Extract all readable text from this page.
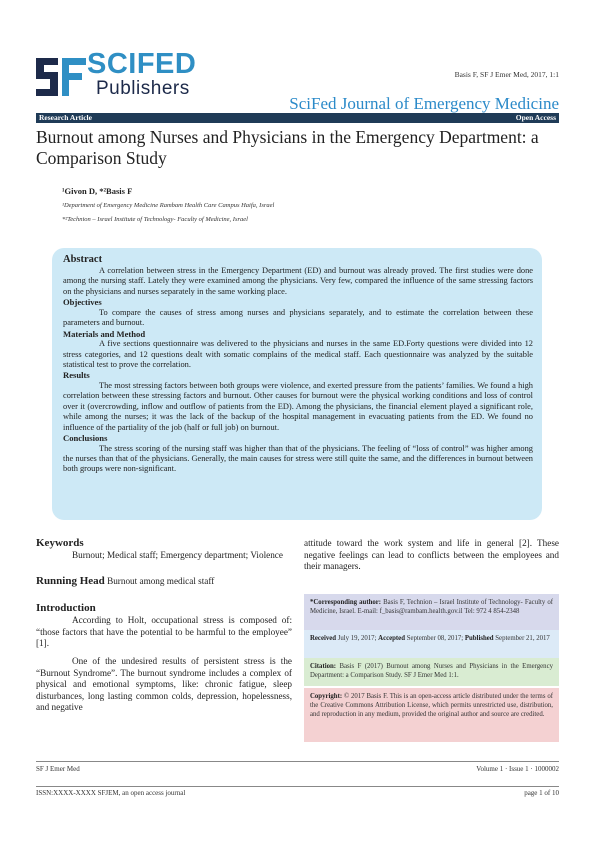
SCIFED
Publishers
Basis F, SF J Emer Med, 2017, 1:1
SciFed Journal of Emergency Medicine
Research Article	Open Access
Burnout among Nurses and Physicians in the Emergency Department: a Comparison Study
¹Givon D, *²Basis F
¹Department of Emergency Medicine Rambam Health Care Campus Haifa, Israel
*²Technion – Israel Institute of Technology- Faculty of Medicine, Israel
Abstract

A correlation between stress in the Emergency Department (ED) and burnout was already proved. The first studies were done among the nursing staff. Lately they were examined among the physicians. Very few, compared the influence of the same stressing factors on the physicians and nurses separately in the same working place.

Objectives

To compare the causes of stress among nurses and physicians separately, and to estimate the correlation between these parameters and burnout.

Materials and Method

A five sections questionnaire was delivered to the physicians and nurses in the same ED.Forty questions were divided into 12 stress categories, and 12 questions dealt with somatic complains of the medical staff. Each questionnaire was analyzed by the suitable statistical test to prove the correlation.

Results

The most stressing factors between both groups were violence, and exerted pressure from the patients’ families. We found a high correlation between these stressing factors and burnout. Other causes for burnout were the physical working conditions and loss of control over it (overcrowding, inflow and outflow of patients from the ED). Among the physicians, the financial element played a significant role, while among the nurses; it was the lack of the backup of the hospital management in evacuating patients from the ED. We found no influence of the partiality of the job (half or full job) on burnout.

Conclusions

The stress scoring of the nursing staff was higher than that of the physicians. The feeling of “loss of control” was higher among the nurses than that of the physicians. Generally, the main causes for stress were still quite the same, and the differences in burnout between both groups were non-significant.

Keywords

Burnout; Medical staff; Emergency department; Violence

Running Head Burnout among medical staff

Introduction

According to Holt, occupational stress is composed of: “those factors that have the potential to be harmful to the employee” [1].

One of the undesired results of persistent stress is the “Burnout Syndrome”. The burnout syndrome includes a complex of physical and emotional symptoms, like: chronic fatigue, sleep disturbances, long lasting common colds, depression, hopelessness, and negative

attitude toward the work system and life in general [2]. These negative feelings can lead to conflicts between the employees and their managers.
*Corresponding author: Basis F, Technion – Israel Institute of Technology- Faculty of Medicine, Israel. E-mail: f_basis@rambam.health.gov.il Tel: 972 4 854-2348
Received July 19, 2017; Accepted September 08, 2017; Published September 21, 2017
Citation: Basis F (2017) Burnout among Nurses and Physicians in the Emergency Department: a Comparison Study. SF J Emer Med 1:1.
Copyright: © 2017 Basis F. This is an open-access article distributed under the terms of the Creative Commons Attribution License, which permits unrestricted use, distribution, and reproduction in any medium, provided the original author and source are credited.
SF J Emer Med	Volume 1 · Issue 1 · 1000002
ISSN:XXXX-XXXX SFJEM, an open access journal	page 1 of 10
